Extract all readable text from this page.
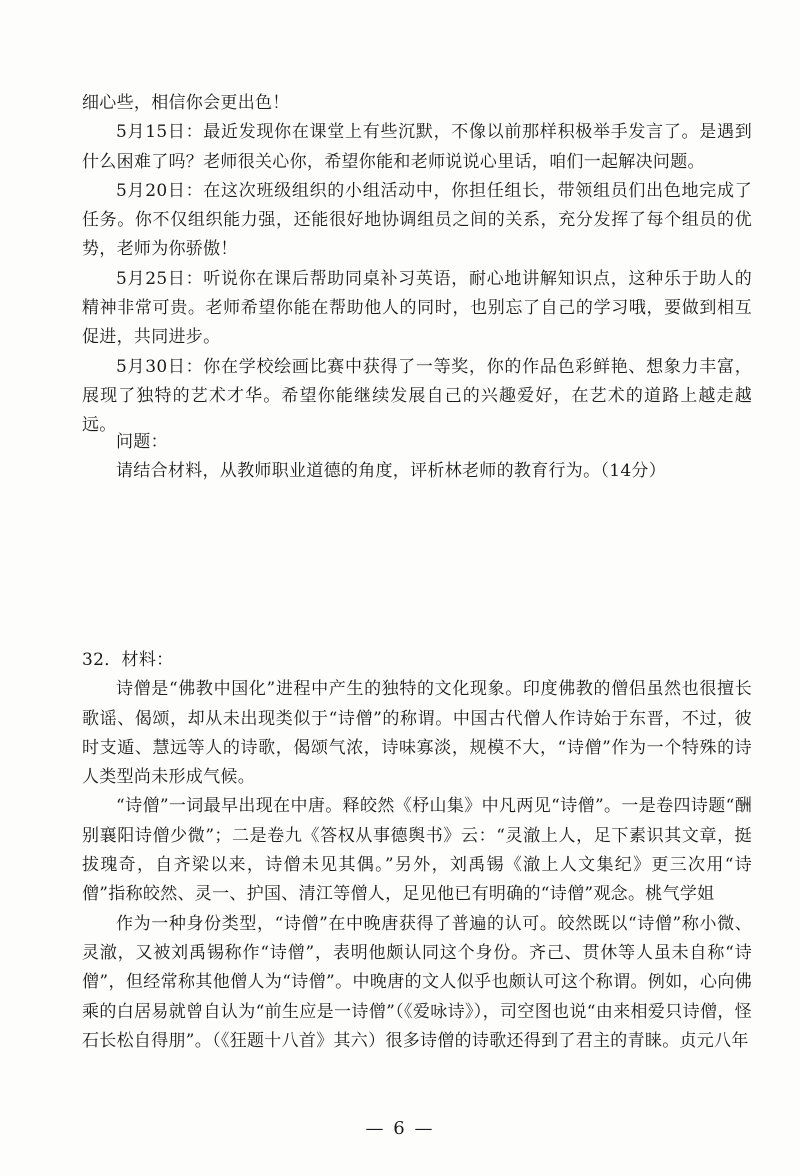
细心些，相信你会更出色！

5月15日：最近发现你在课堂上有些沉默，不像以前那样积极举手发言了。是遇到什么困难了吗？老师很关心你，希望你能和老师说说心里话，咱们一起解决问题。

5月20日：在这次班级组织的小组活动中，你担任组长，带领组员们出色地完成了任务。你不仅组织能力强，还能很好地协调组员之间的关系，充分发挥了每个组员的优势，老师为你骄傲！

5月25日：听说你在课后帮助同桌补习英语，耐心地讲解知识点，这种乐于助人的精神非常可贵。老师希望你能在帮助他人的同时，也别忘了自己的学习哦，要做到相互促进，共同进步。

5月30日：你在学校绘画比赛中获得了一等奖，你的作品色彩鲜艳、想象力丰富，展现了独特的艺术才华。希望你能继续发展自己的兴趣爱好，在艺术的道路上越走越远。

问题：

请结合材料，从教师职业道德的角度，评析林老师的教育行为。（14分）

32．材料：

诗僧是“佛教中国化”进程中产生的独特的文化现象。印度佛教的僧侣虽然也很擅长歌谣、偈颂，却从未出现类似于“诗僧”的称谓。中国古代僧人作诗始于东晋，不过，彼时支遁、慧远等人的诗歌，偈颂气浓，诗味寡淡，规模不大，“诗僧”作为一个特殊的诗人类型尚未形成气候。

“诗僧”一词最早出现在中唐。释皎然《杼山集》中凡两见“诗僧”。一是卷四诗题“酬别襄阳诗僧少微”；二是卷九《答权从事德舆书》云：“灵澈上人，足下素识其文章，挺拔瑰奇，自齐梁以来，诗僧未见其偶。”另外，刘禹锡《澈上人文集纪》更三次用“诗僧”指称皎然、灵一、护国、清江等僧人，足见他已有明确的“诗僧”观念。桃气学姐

作为一种身份类型，“诗僧”在中晚唐获得了普遍的认可。皎然既以“诗僧”称小微、灵澈，又被刘禹锡称作“诗僧”，表明他颇认同这个身份。齐己、贯休等人虽未自称“诗僧”，但经常称其他僧人为“诗僧”。中晚唐的文人似乎也颇认可这个称谓。例如，心向佛乘的白居易就曾自认为“前生应是一诗僧”（《爱咏诗》），司空图也说“由来相爱只诗僧，怪石长松自得朋”。（《狂题十八首》其六）很多诗僧的诗歌还得到了君主的青睐。贞元八年

— 6 —
